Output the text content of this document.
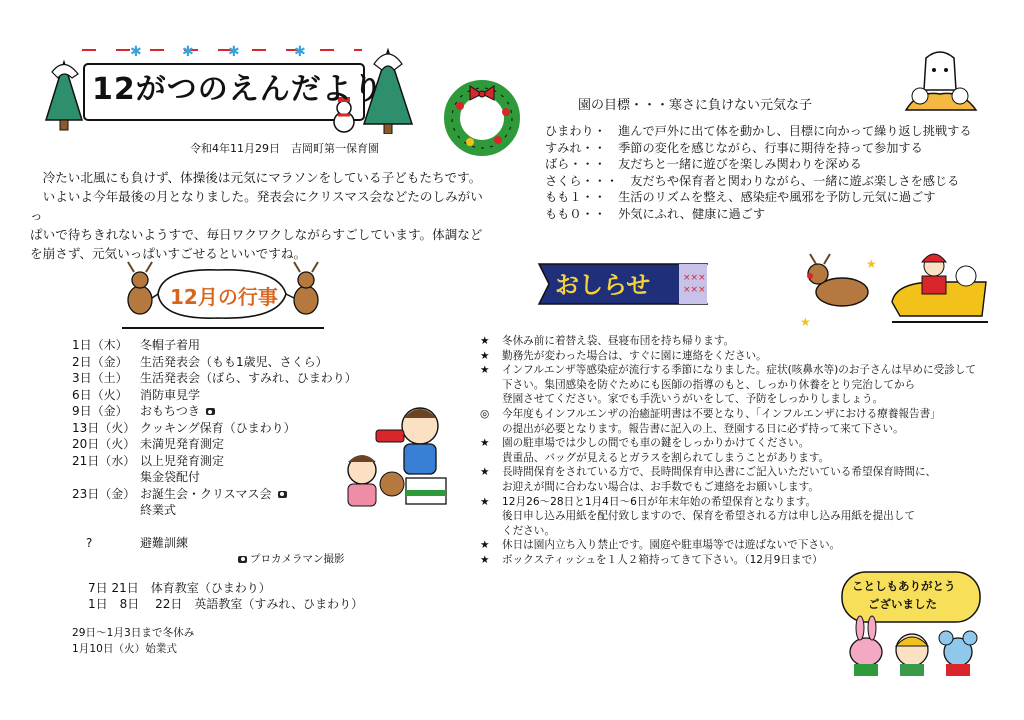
✱	✱ ✱	✱
12がつのえんだより
令和4年11月29日　吉岡町第一保育園

　冷たい北風にも負けず、体操後は元気にマラソンをしている子どもたちです。

　いよいよ今年最後の月となりました。発表会にクリスマス会などたのしみがいっ

ぱいで待ちきれないようすで、毎日ワクワクしながらすごしています。体調など

を崩さず、元気いっぱいすごせるといいですね。

園の目標・・・寒さに負けない元気な子
ひまわり・　進んで戸外に出て体を動かし、目標に向かって繰り返し挑戦する
すみれ・・　季節の変化を感じながら、行事に期待を持って参加する
ばら・・・　友だちと一緒に遊びを楽しみ関わりを深める
さくら・・・　友だちや保育者と関わりながら、一緒に遊ぶ楽しさを感じる
もも１・・　生活のリズムを整え、感染症や風邪を予防し元気に過ごす
もも０・・　外気にふれ、健康に過ごす
12月の行事
1日（木） 冬帽子着用
2日（金） 生活発表会（もも1歳児、さくら）
3日（土） 生活発表会（ばら、すみれ、ひまわり）
6日（火） 消防車見学
9日（金） おもちつき
13日（火） クッキング保育（ひまわり）
20日（火） 未満児発育測定
21日（水） 以上児発育測定
集金袋配付
23日（金） お誕生会・クリスマス会
終業式
?	避難訓練
プロカメラマン撮影
7日 21日　体育教室（ひまわり）
1日　8日　 22日　英語教室（すみれ、ひまわり）
29日～1月3日まで冬休み
1月10日（火）始業式
×××
×××
おしらせ
★
★
★	冬休み前に着替え袋、昼寝布団を持ち帰ります。
★	勤務先が変わった場合は、すぐに園に連絡をください。
★	インフルエンザ等感染症が流行する季節になりました。症状(咳鼻水等)のお子さんは早めに受診して
下さい。集団感染を防ぐためにも医師の指導のもと、しっかり休養をとり完治してから
登園させてください。家でも手洗いうがいをして、予防をしっかりしましょう。
◎	今年度もインフルエンザの治癒証明書は不要となり、「インフルエンザにおける療養報告書」
の提出が必要となります。報告書に記入の上、登園する日に必ず持って来て下さい。
★	園の駐車場では少しの間でも車の鍵をしっかりかけてください。
貴重品、バッグが見えるとガラスを割られてしまうことがあります。
★	長時間保育をされている方で、長時間保育申込書にご記入いただいている希望保育時間に、
お迎えが間に合わない場合は、お手数でもご連絡をお願いします。
★	12月26～28日と1月4日～6日が年末年始の希望保育となります。
後日申し込み用紙を配付致しますので、保育を希望される方は申し込み用紙を提出して
ください。
★	休日は園内立ち入り禁止です。園庭や駐車場等では遊ばないで下さい。
★	ボックスティッシュを１人２箱持ってきて下さい。（12月9日まで）
ことしもありがとう
ございました
